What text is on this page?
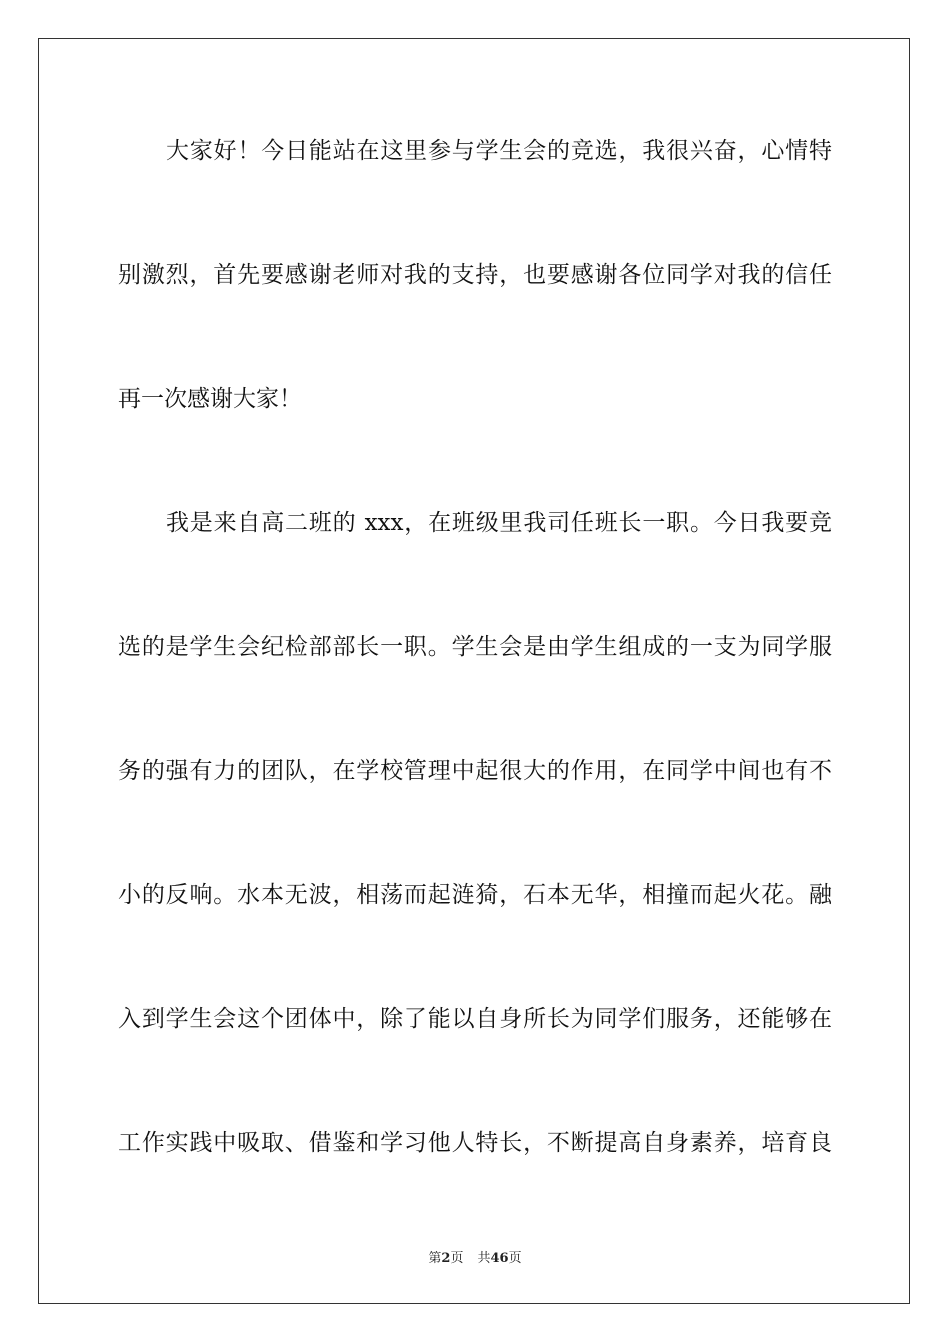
大家好！今日能站在这里参与学生会的竞选，我很兴奋，心情特
别激烈，首先要感谢老师对我的支持，也要感谢各位同学对我的信任
再一次感谢大家！
我是来自高二班的 xxx，在班级里我司任班长一职。今日我要竞
选的是学生会纪检部部长一职。学生会是由学生组成的一支为同学服
务的强有力的团队，在学校管理中起很大的作用，在同学中间也有不
小的反响。水本无波，相荡而起涟猗，石本无华，相撞而起火花。融
入到学生会这个团体中，除了能以自身所长为同学们服务，还能够在
工作实践中吸取、借鉴和学习他人特长，不断提高自身素养，培育良
第2页 共46页
